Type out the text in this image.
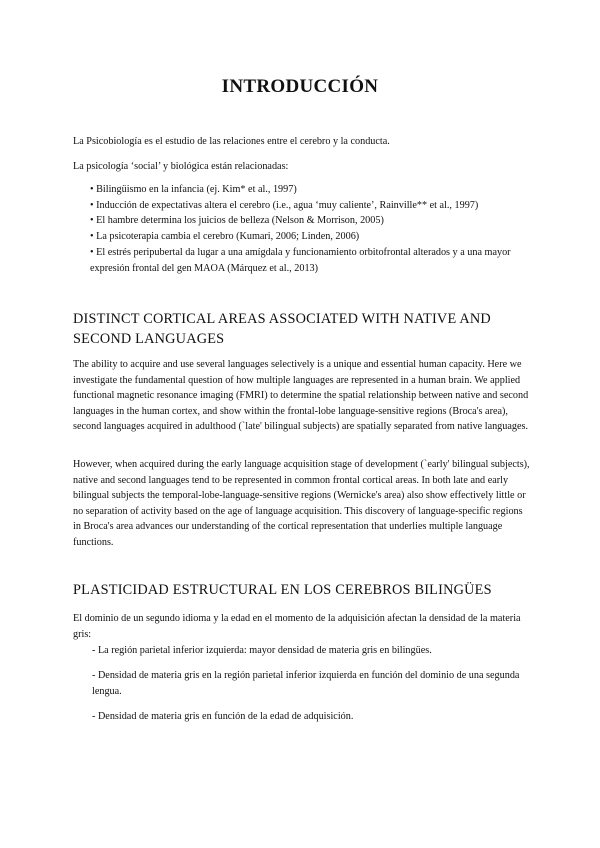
INTRODUCCIÓN

La Psicobiología es el estudio de las relaciones entre el cerebro y la conducta.

La psicología ‘social’ y biológica están relacionadas:

• Bilingüismo en la infancia (ej. Kim* et al., 1997)
• Inducción de expectativas altera el cerebro (i.e., agua ‘muy caliente’, Rainville** et al., 1997)
• El hambre determina los juicios de belleza (Nelson & Morrison, 2005)
• La psicoterapia cambia el cerebro (Kumari, 2006; Linden, 2006)
• El estrés peripubertal da lugar a una amígdala y funcionamiento orbitofrontal alterados y a una mayor expresión frontal del gen MAOA (Márquez et al., 2013)
DISTINCT CORTICAL AREAS ASSOCIATED WITH NATIVE AND SECOND LANGUAGES

The ability to acquire and use several languages selectively is a unique and essential human capacity. Here we investigate the fundamental question of how multiple languages are represented in a human brain. We applied functional magnetic resonance imaging (FMRI) to determine the spatial relationship between native and second languages in the human cortex, and show within the frontal-lobe language-sensitive regions (Broca's area), second languages acquired in adulthood (`late' bilingual subjects) are spatially separated from native languages.

However, when acquired during the early language acquisition stage of development (`early' bilingual subjects), native and second languages tend to be represented in common frontal cortical areas. In both late and early bilingual subjects the temporal-lobe-language-sensitive regions (Wernicke's area) also show effectively little or no separation of activity based on the age of language acquisition. This discovery of language-specific regions in Broca's area advances our understanding of the cortical representation that underlies multiple language functions.

PLASTICIDAD ESTRUCTURAL EN LOS CEREBROS BILINGÜES

El dominio de un segundo idioma y la edad en el momento de la adquisición afectan la densidad de la materia gris:

- La región parietal inferior izquierda: mayor densidad de materia gris en bilingües.

- Densidad de materia gris en la región parietal inferior izquierda en función del dominio de una segunda lengua.

- Densidad de materia gris en función de la edad de adquisición.
